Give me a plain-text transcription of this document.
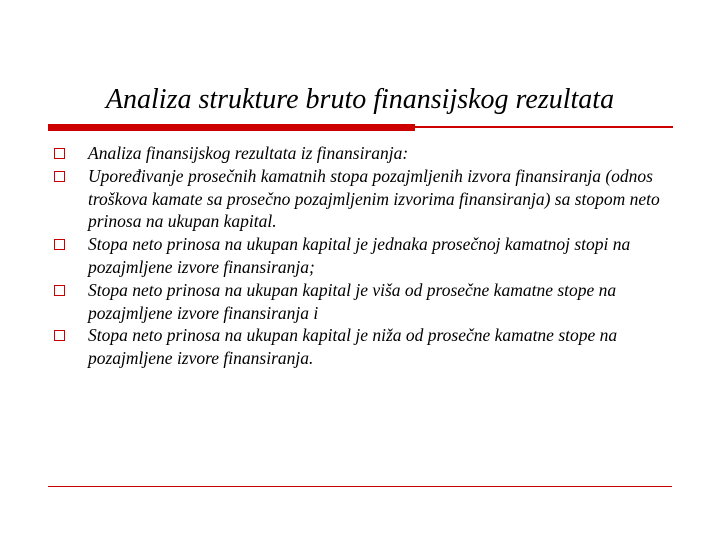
Analiza strukture bruto finansijskog rezultata
Analiza finansijskog rezultata iz finansiranja:
Upoređivanje prosečnih kamatnih stopa pozajmljenih izvora finansiranja (odnos troškova kamate sa prosečno pozajmljenim izvorima finansiranja) sa stopom neto prinosa na ukupan kapital.
Stopa neto prinosa na ukupan kapital je jednaka prosečnoj kamatnoj stopi na pozajmljene izvore finansiranja;
Stopa neto prinosa na ukupan kapital je viša od prosečne kamatne stope na pozajmljene izvore finansiranja i
Stopa neto prinosa na ukupan kapital je niža od prosečne kamatne stope na pozajmljene izvore finansiranja.
